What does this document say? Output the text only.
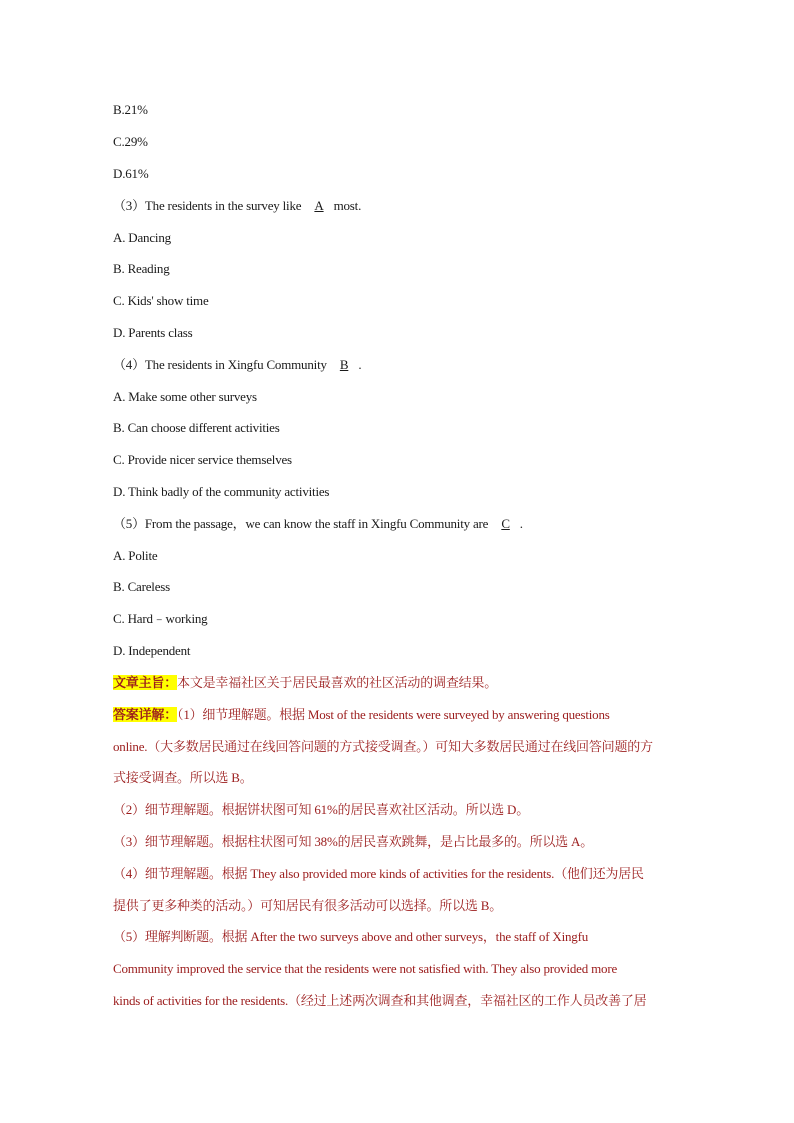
B.21%
C.29%
D.61%
（3）The residents in the survey like A most.
A. Dancing
B. Reading
C. Kids' show time
D. Parents class
（4）The residents in Xingfu Community B .
A. Make some other surveys
B. Can choose different activities
C. Provide nicer service themselves
D. Think badly of the community activities
（5）From the passage，we can know the staff in Xingfu Community are C .
A. Polite
B. Careless
C. Hard﹣working
D. Independent
文章主旨：本文是幸福社区关于居民最喜欢的社区活动的调查结果。
答案详解：（1）细节理解题。根据 Most of the residents were surveyed by answering questions
online.（大多数居民通过在线回答问题的方式接受调查。）可知大多数居民通过在线回答问题的方
式接受调查。所以选 B。
（2）细节理解题。根据饼状图可知 61%的居民喜欢社区活动。所以选 D。
（3）细节理解题。根据柱状图可知 38%的居民喜欢跳舞，是占比最多的。所以选 A。
（4）细节理解题。根据 They also provided more kinds of activities for the residents.（他们还为居民
提供了更多种类的活动。）可知居民有很多活动可以选择。所以选 B。
（5）理解判断题。根据 After the two surveys above and other surveys，the staff of Xingfu
Community improved the service that the residents were not satisfied with. They also provided more
kinds of activities for the residents.（经过上述两次调查和其他调查，幸福社区的工作人员改善了居
